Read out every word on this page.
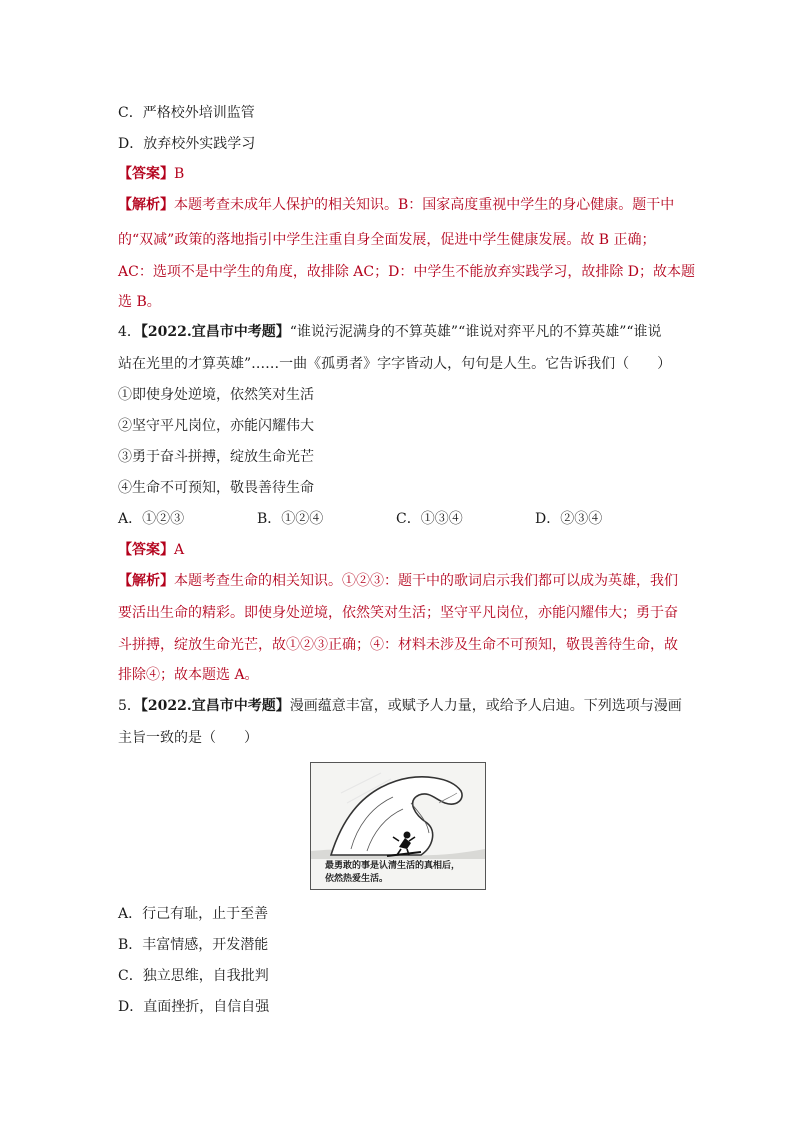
C．严格校外培训监管
D．放弃校外实践学习
【答案】B
【解析】本题考查未成年人保护的相关知识。B：国家高度重视中学生的身心健康。题干中
的“双减”政策的落地指引中学生注重自身全面发展，促进中学生健康发展。故 B 正确；
AC：选项不是中学生的角度，故排除 AC；D：中学生不能放弃实践学习，故排除 D；故本题
选 B。
4．【2022.宜昌市中考题】“谁说污泥满身的不算英雄”“谁说对弈平凡的不算英雄”“谁说
站在光里的才算英雄”……一曲《孤勇者》字字皆动人，句句是人生。它告诉我们（　　）
①即使身处逆境，依然笑对生活
②坚守平凡岗位，亦能闪耀伟大
③勇于奋斗拼搏，绽放生命光芒
④生命不可预知，敬畏善待生命
A．①②③	B．①②④	C．①③④	D．②③④
【答案】A
【解析】本题考查生命的相关知识。①②③：题干中的歌词启示我们都可以成为英雄，我们
要活出生命的精彩。即使身处逆境，依然笑对生活；坚守平凡岗位，亦能闪耀伟大；勇于奋
斗拼搏，绽放生命光芒，故①②③正确；④：材料未涉及生命不可预知，敬畏善待生命，故
排除④；故本题选 A。
5．【2022.宜昌市中考题】漫画蕴意丰富，或赋予人力量，或给予人启迪。下列选项与漫画
主旨一致的是（　　）
最勇敢的事是认清生活的真相后，
依然热爱生活。
A．行己有耻，止于至善
B．丰富情感，开发潜能
C．独立思维，自我批判
D．直面挫折，自信自强
